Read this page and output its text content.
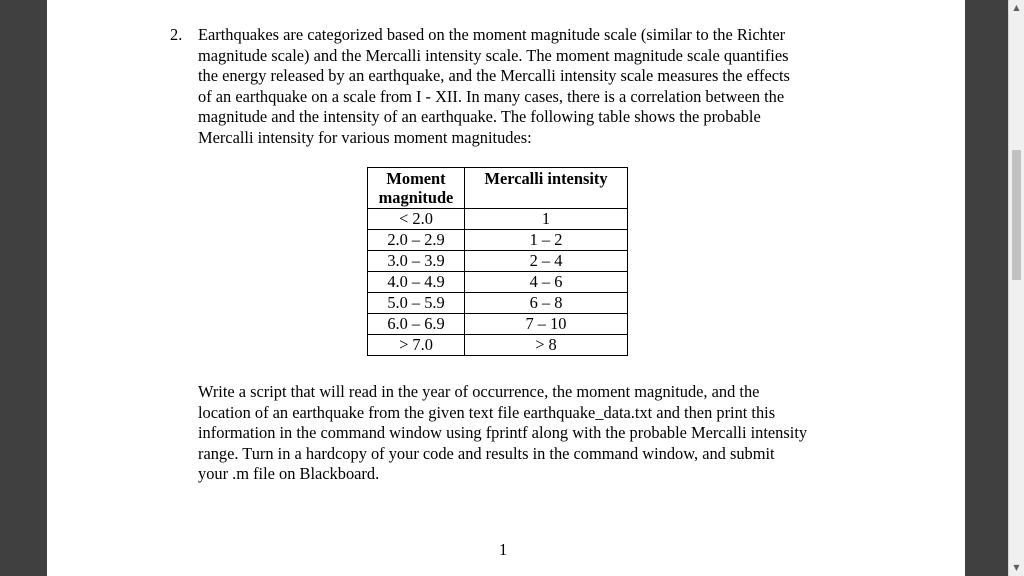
2. Earthquakes are categorized based on the moment magnitude scale (similar to the Richter
magnitude scale) and the Mercalli intensity scale. The moment magnitude scale quantifies
the energy released by an earthquake, and the Mercalli intensity scale measures the effects
of an earthquake on a scale from I - XII. In many cases, there is a correlation between the
magnitude and the intensity of an earthquake. The following table shows the probable
Mercalli intensity for various moment magnitudes:
Moment magnitude	Mercalli intensity
< 2.0	1
2.0 – 2.9	1 – 2
3.0 – 3.9	2 – 4
4.0 – 4.9	4 – 6
5.0 – 5.9	6 – 8
6.0 – 6.9	7 – 10
> 7.0	> 8
Write a script that will read in the year of occurrence, the moment magnitude, and the
location of an earthquake from the given text file earthquake_data.txt and then print this
information in the command window using fprintf along with the probable Mercalli intensity
range. Turn in a hardcopy of your code and results in the command window, and submit
your .m file on Blackboard.
1
▲
▼
